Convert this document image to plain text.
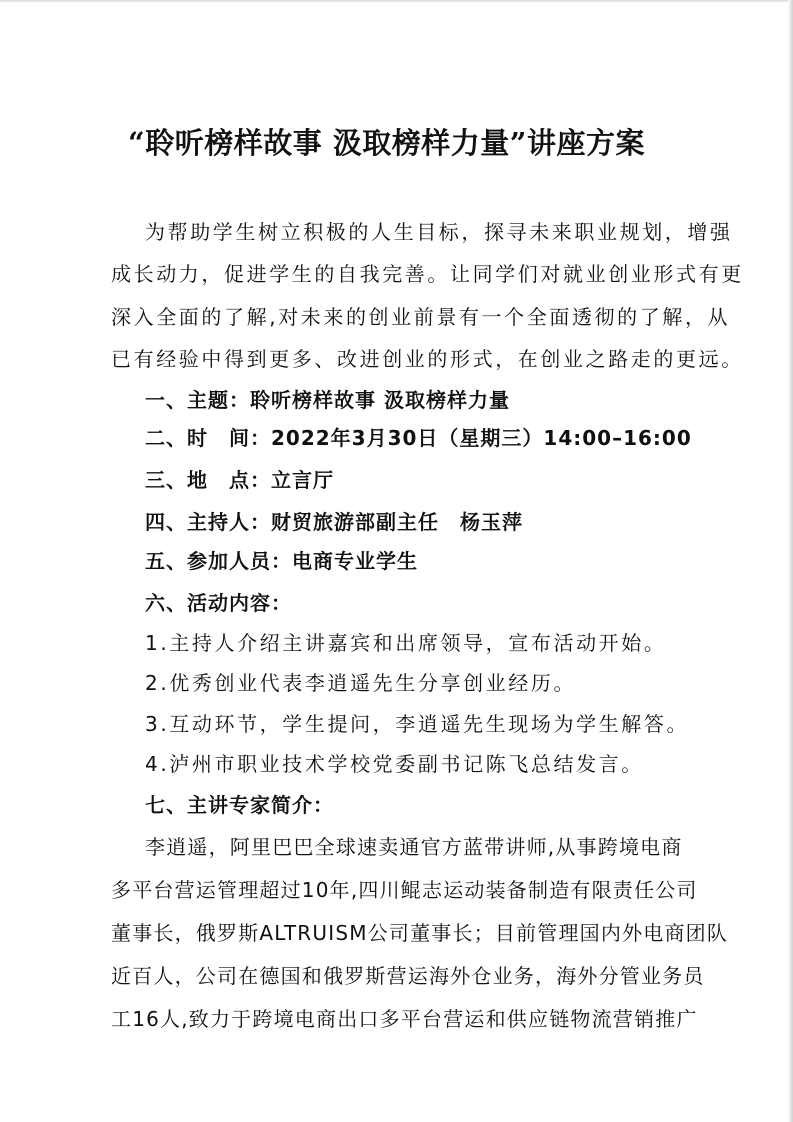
“聆听榜样故事 汲取榜样力量”讲座方案
为帮助学生树立积极的人生目标，探寻未来职业规划，增强
成长动力，促进学生的自我完善。让同学们对就业创业形式有更
深入全面的了解,对未来的创业前景有一个全面透彻的了解，从
已有经验中得到更多、改进创业的形式，在创业之路走的更远。
一、主题：聆听榜样故事 汲取榜样力量
二、时　间：2022年3月30日（星期三）14:00–16:00
三、地　点：立言厅
四、主持人：财贸旅游部副主任　杨玉萍
五、参加人员：电商专业学生
六、活动内容：
1.主持人介绍主讲嘉宾和出席领导，宣布活动开始。
2.优秀创业代表李逍遥先生分享创业经历。
3.互动环节，学生提问，李逍遥先生现场为学生解答。
4.泸州市职业技术学校党委副书记陈飞总结发言。
七、主讲专家简介：
李逍遥，阿里巴巴全球速卖通官方蓝带讲师,从事跨境电商
多平台营运管理超过10年,四川鲲志运动装备制造有限责任公司
董事长，俄罗斯ALTRUISM公司董事长；目前管理国内外电商团队
近百人，公司在德国和俄罗斯营运海外仓业务，海外分管业务员
工16人,致力于跨境电商出口多平台营运和供应链物流营销推广
